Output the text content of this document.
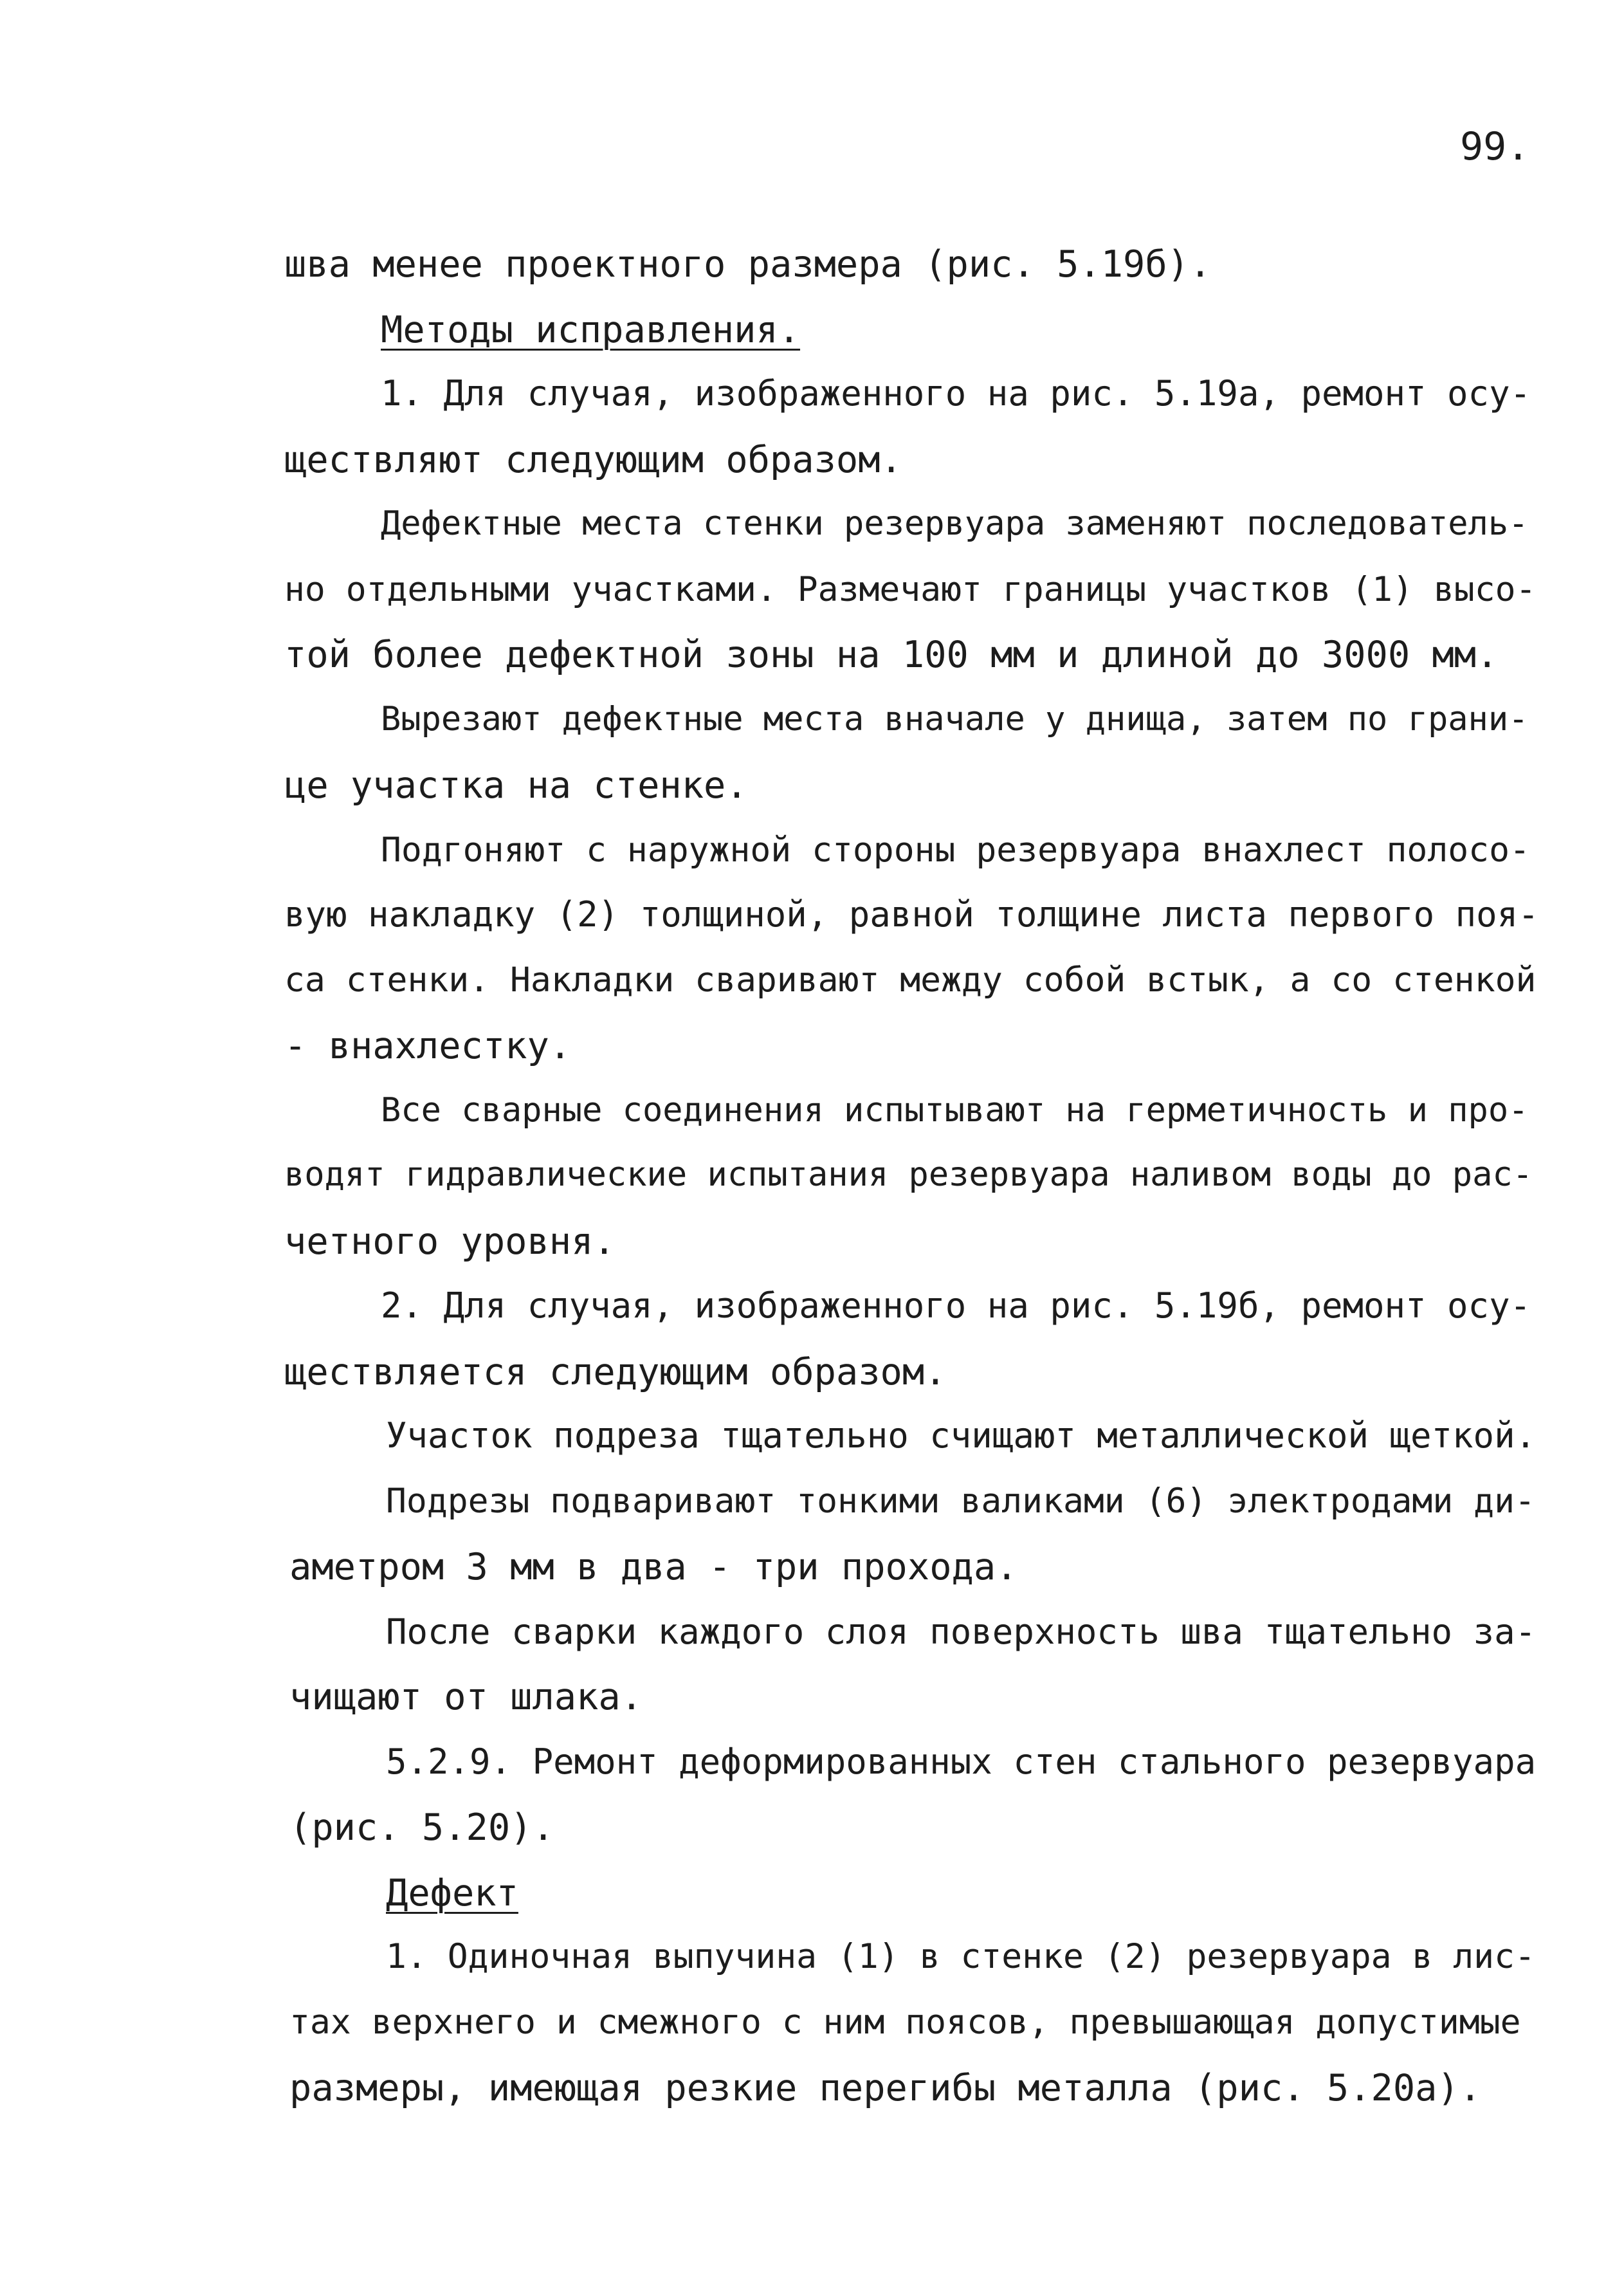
99.
шва менее проектного размера (рис. 5.19б).
Методы исправления.
1. Для случая, изображенного на рис. 5.19а, ремонт осу-
ществляют следующим образом.
Дефектные места стенки резервуара заменяют последователь-
но отдельными участками. Размечают границы участков (1) высо-
той более дефектной зоны на 100 мм и длиной до 3000 мм.
Вырезают дефектные места вначале у днища, затем по грани-
це участка на стенке.
Подгоняют с наружной стороны резервуара внахлест полосо-
вую накладку (2) толщиной, равной толщине листа первого поя-
са стенки. Накладки сваривают между собой встык, а со стенкой
- внахлестку.
Все сварные соединения испытывают на герметичность и про-
водят гидравлические испытания резервуара наливом воды до рас-
четного уровня.
2. Для случая, изображенного на рис. 5.19б, ремонт осу-
ществляется следующим образом.
Участок подреза тщательно счищают металлической щеткой.
Подрезы подваривают тонкими валиками (6) электродами ди-
аметром 3 мм в два - три прохода.
После сварки каждого слоя поверхность шва тщательно за-
чищают от шлака.
5.2.9. Ремонт деформированных стен стального резервуара
(рис. 5.20).
Дефект
1. Одиночная выпучина (1) в стенке (2) резервуара в лис-
тах верхнего и смежного с ним поясов, превышающая допустимые
размеры, имеющая резкие перегибы металла (рис. 5.20а).
